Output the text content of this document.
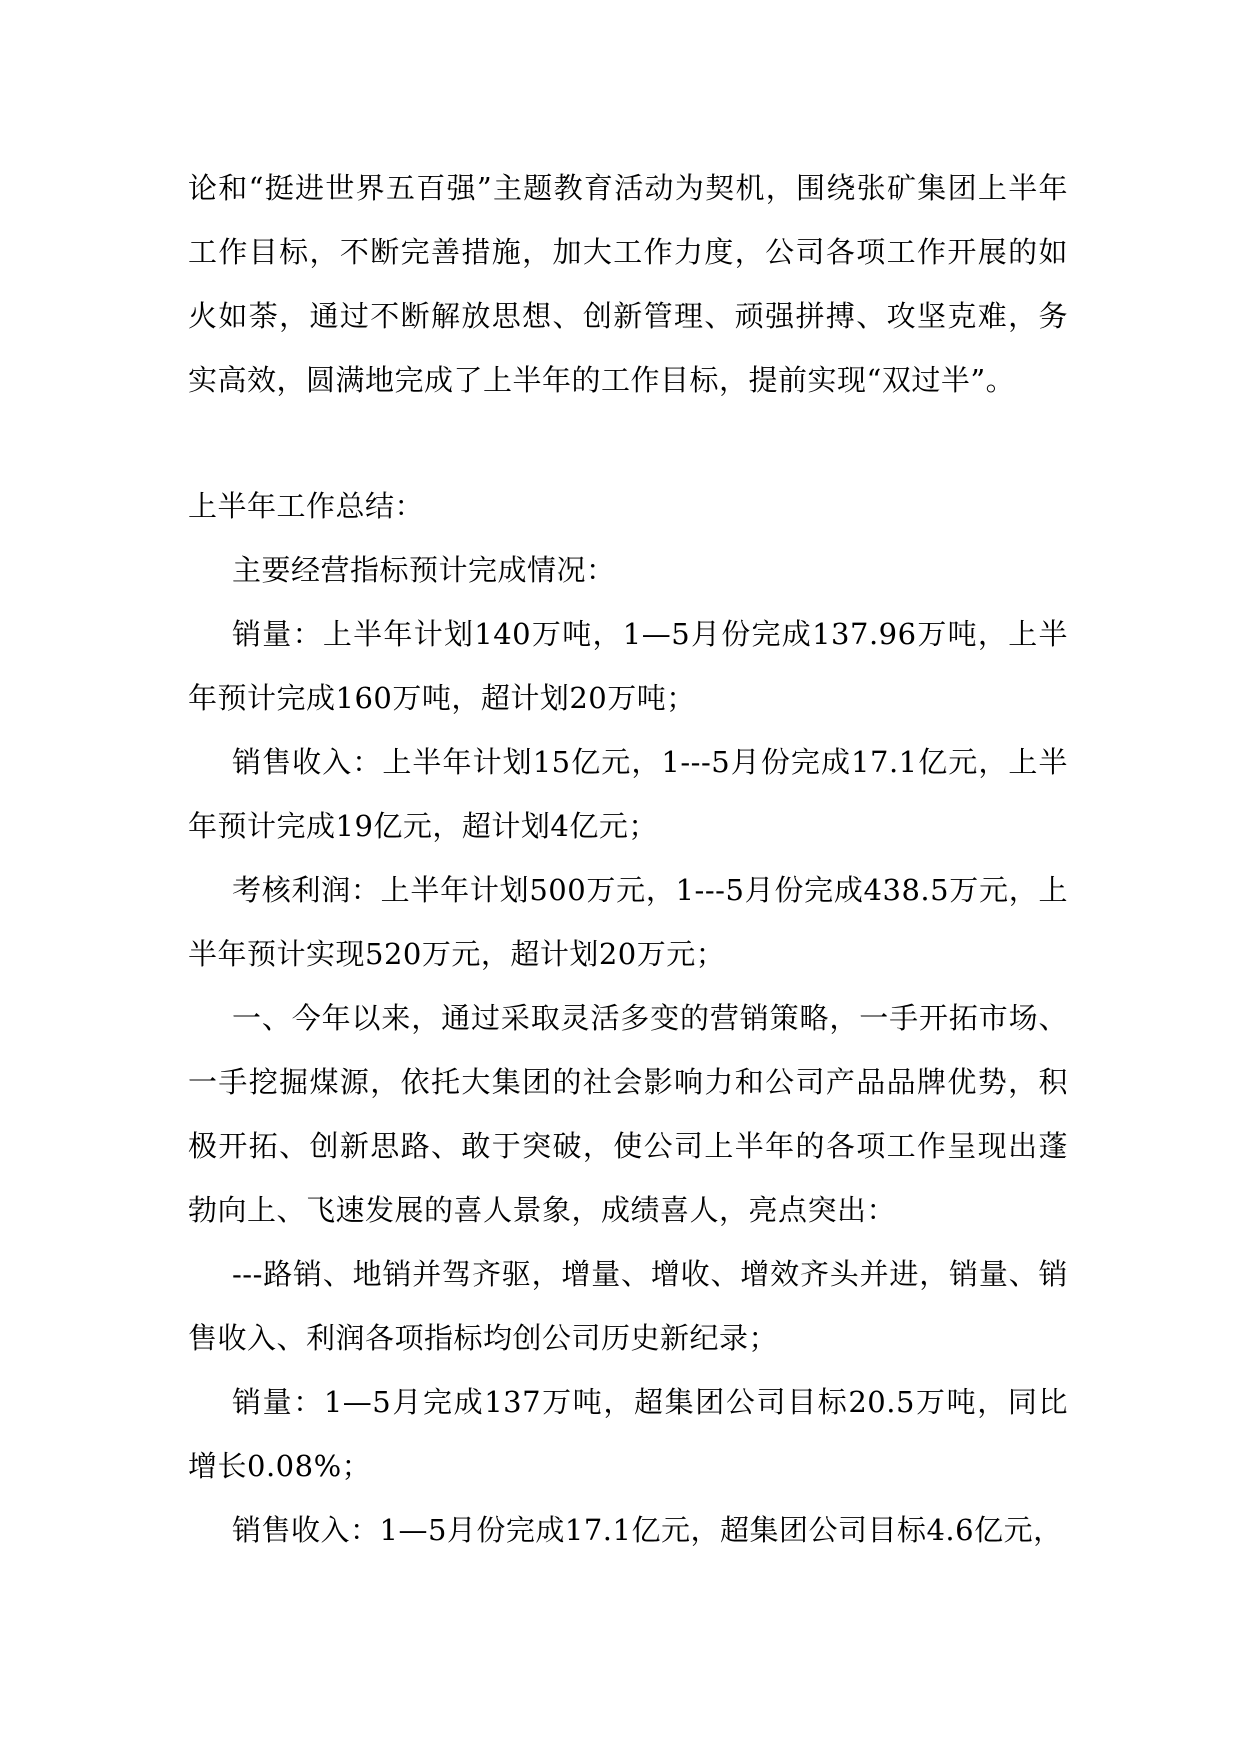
论和“挺进世界五百强”主题教育活动为契机，围绕张矿集团上半年工作目标，不断完善措施，加大工作力度，公司各项工作开展的如火如荼，通过不断解放思想、创新管理、顽强拼搏、攻坚克难，务实高效，圆满地完成了上半年的工作目标，提前实现“双过半”。

上半年工作总结：

主要经营指标预计完成情况：

销量：上半年计划140万吨，1—5月份完成137.96万吨，上半年预计完成160万吨，超计划20万吨；

销售收入：上半年计划15亿元，1---5月份完成17.1亿元，上半年预计完成19亿元，超计划4亿元；

考核利润：上半年计划500万元，1---5月份完成438.5万元，上半年预计实现520万元，超计划20万元；

一、今年以来，通过采取灵活多变的营销策略，一手开拓市场、一手挖掘煤源，依托大集团的社会影响力和公司产品品牌优势，积极开拓、创新思路、敢于突破，使公司上半年的各项工作呈现出蓬勃向上、飞速发展的喜人景象，成绩喜人，亮点突出：

---路销、地销并驾齐驱，增量、增收、增效齐头并进，销量、销售收入、利润各项指标均创公司历史新纪录；

销量：1—5月完成137万吨，超集团公司目标20.5万吨，同比增长0.08%；

销售收入：1—5月份完成17.1亿元，超集团公司目标4.6亿元，
